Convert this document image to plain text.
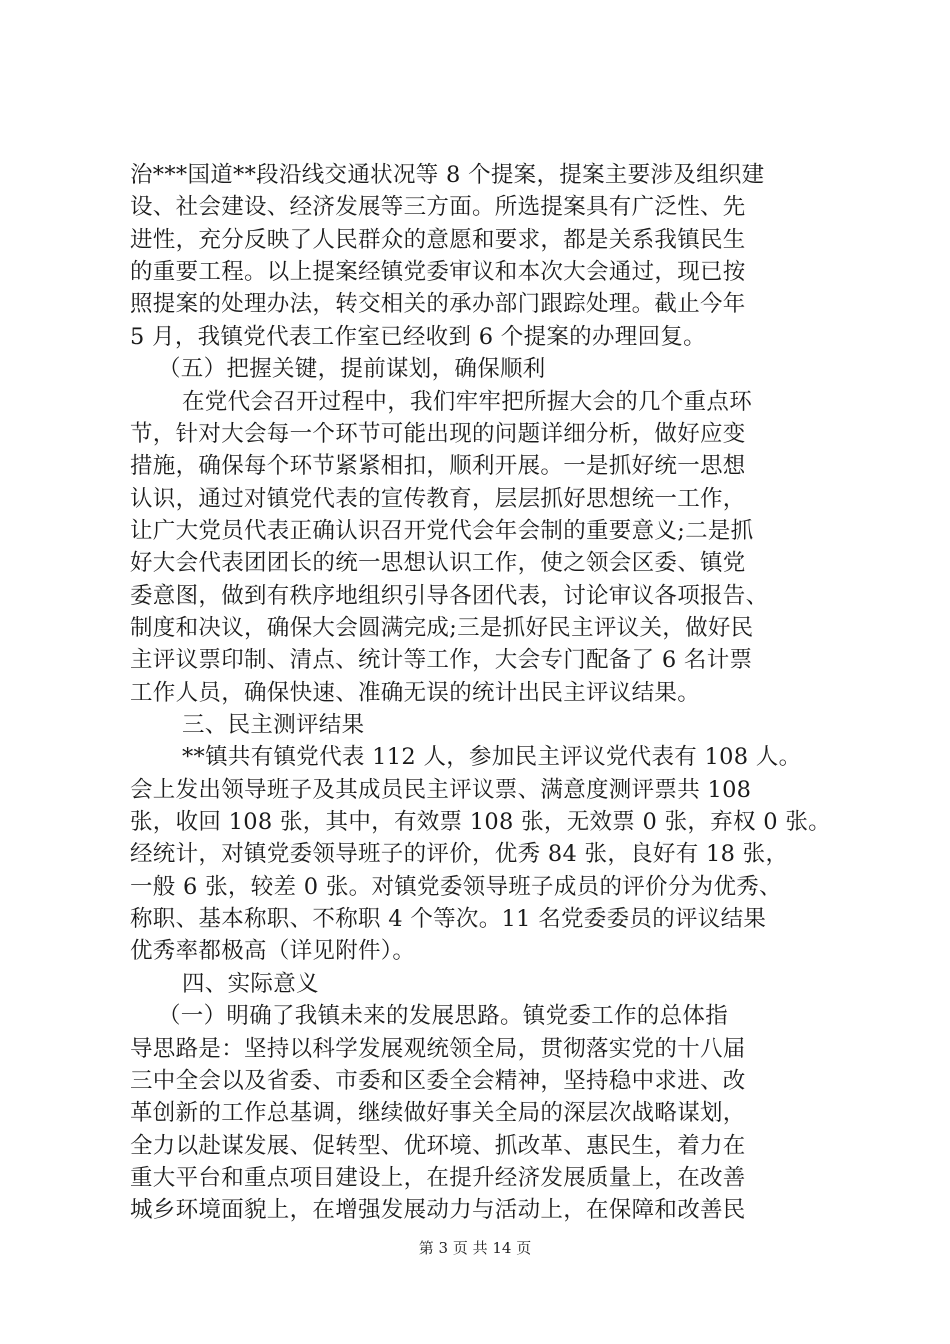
治***国道**段沿线交通状况等 8 个提案，提案主要涉及组织建
设、社会建设、经济发展等三方面。所选提案具有广泛性、先
进性，充分反映了人民群众的意愿和要求，都是关系我镇民生
的重要工程。以上提案经镇党委审议和本次大会通过，现已按
照提案的处理办法，转交相关的承办部门跟踪处理。截止今年
5 月，我镇党代表工作室已经收到 6 个提案的办理回复。
（五）把握关键，提前谋划，确保顺利
在党代会召开过程中，我们牢牢把所握大会的几个重点环
节，针对大会每一个环节可能出现的问题详细分析，做好应变
措施，确保每个环节紧紧相扣，顺利开展。一是抓好统一思想
认识，通过对镇党代表的宣传教育，层层抓好思想统一工作，
让广大党员代表正确认识召开党代会年会制的重要意义;二是抓
好大会代表团团长的统一思想认识工作，使之领会区委、镇党
委意图，做到有秩序地组织引导各团代表，讨论审议各项报告、
制度和决议，确保大会圆满完成;三是抓好民主评议关，做好民
主评议票印制、清点、统计等工作，大会专门配备了 6 名计票
工作人员，确保快速、准确无误的统计出民主评议结果。
三、民主测评结果
**镇共有镇党代表 112 人，参加民主评议党代表有 108 人。
会上发出领导班子及其成员民主评议票、满意度测评票共 108
张，收回 108 张，其中，有效票 108 张，无效票 0 张，弃权 0 张。
经统计，对镇党委领导班子的评价，优秀 84 张，良好有 18 张，
一般 6 张，较差 0 张。对镇党委领导班子成员的评价分为优秀、
称职、基本称职、不称职 4 个等次。11 名党委委员的评议结果
优秀率都极高（详见附件）。
四、实际意义
（一）明确了我镇未来的发展思路。镇党委工作的总体指
导思路是：坚持以科学发展观统领全局，贯彻落实党的十八届
三中全会以及省委、市委和区委全会精神，坚持稳中求进、改
革创新的工作总基调，继续做好事关全局的深层次战略谋划，
全力以赴谋发展、促转型、优环境、抓改革、惠民生，着力在
重大平台和重点项目建设上，在提升经济发展质量上，在改善
城乡环境面貌上，在增强发展动力与活动上，在保障和改善民
第 3 页 共 14 页
